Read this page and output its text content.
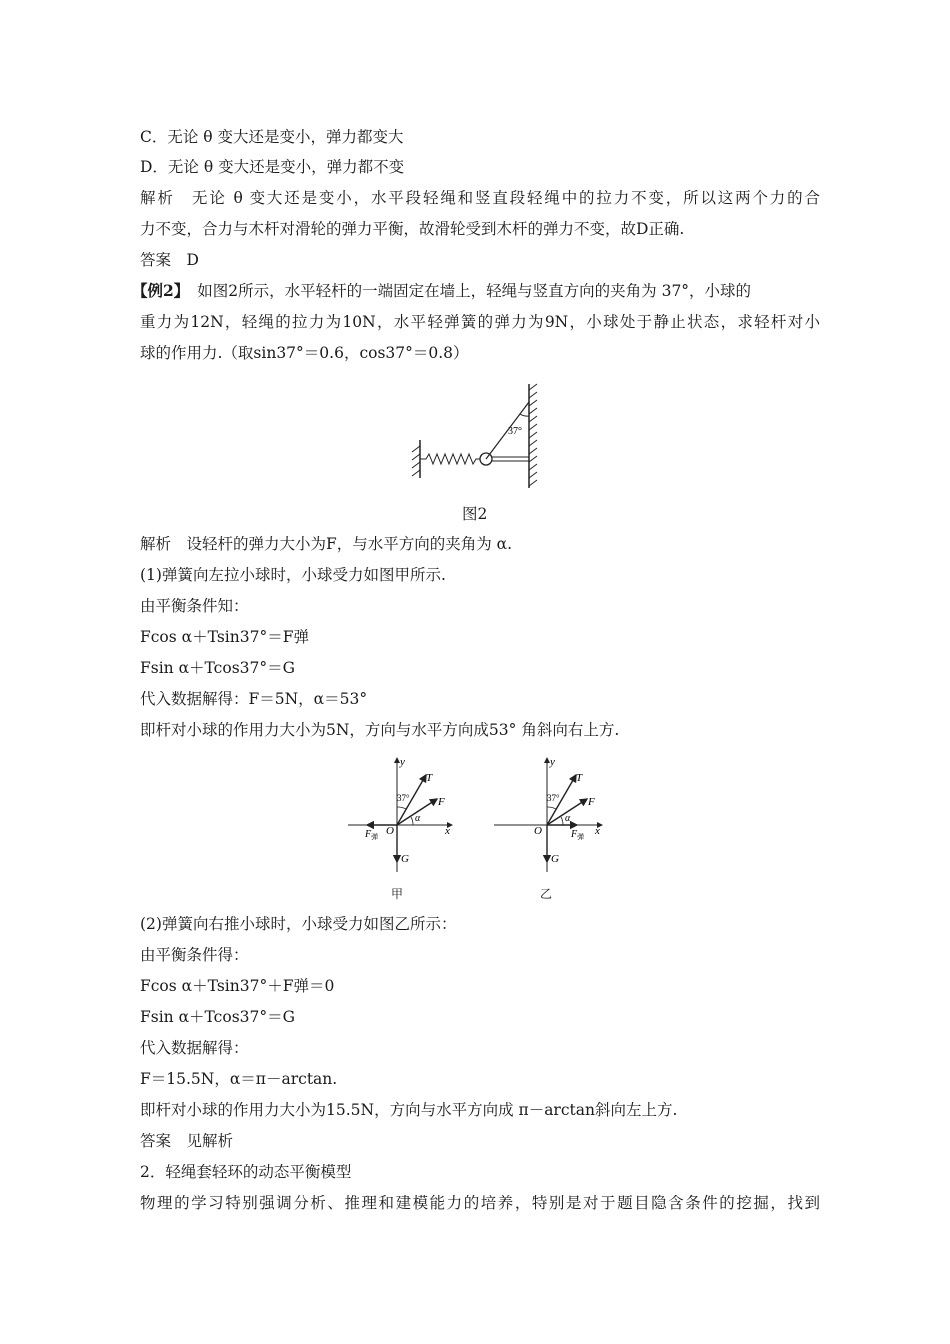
C．无论 θ 变大还是变小，弹力都变大
D．无论 θ 变大还是变小，弹力都不变
解析　无论 θ 变大还是变小，水平段轻绳和竖直段轻绳中的拉力不变，所以这两个力的合
力不变，合力与木杆对滑轮的弹力平衡，故滑轮受到木杆的弹力不变，故D正确.
答案　D
【例2】 如图2所示，水平轻杆的一端固定在墙上，轻绳与竖直方向的夹角为 37°，小球的
重力为12N，轻绳的拉力为10N，水平轻弹簧的弹力为9N，小球处于静止状态，求轻杆对小
球的作用力.（取sin37°＝0.6，cos37°＝0.8）
37°
图2
解析　设轻杆的弹力大小为F，与水平方向的夹角为 α.
(1)弹簧向左拉小球时，小球受力如图甲所示.
由平衡条件知：
Fcos α＋Tsin37°＝F弹
Fsin α＋Tcos37°＝G
代入数据解得：F＝5N，α＝53°
即杆对小球的作用力大小为5N，方向与水平方向成53° 角斜向右上方.
y
x
O
T
F
G
α
37°
$F_弹$
y
x
O
T
F
G
α
37°
$F_弹$
甲	乙
(2)弹簧向右推小球时，小球受力如图乙所示：
由平衡条件得：
Fcos α＋Tsin37°＋F弹＝0
Fsin α＋Tcos37°＝G
代入数据解得：
F＝15.5N，α＝π－arctan.
即杆对小球的作用力大小为15.5N，方向与水平方向成 π－arctan斜向左上方.
答案　见解析
2．轻绳套轻环的动态平衡模型
物理的学习特别强调分析、推理和建模能力的培养，特别是对于题目隐含条件的挖掘，找到
